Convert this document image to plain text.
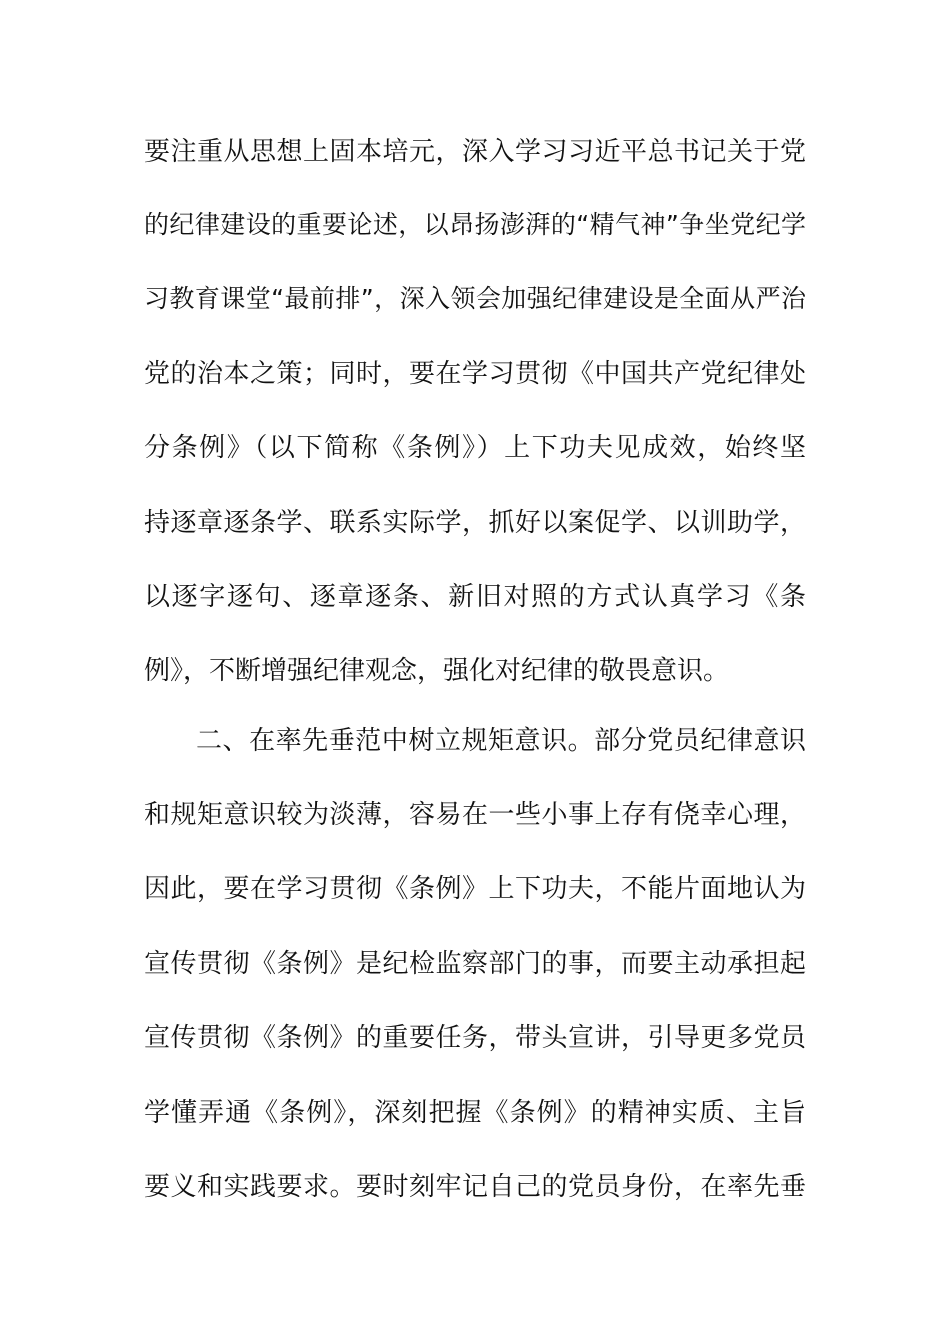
要注重从思想上固本培元，深入学习习近平总书记关于党
的纪律建设的重要论述，以昂扬澎湃的“精气神”争坐党纪学
习教育课堂“最前排”，深入领会加强纪律建设是全面从严治
党的治本之策；同时，要在学习贯彻《中国共产党纪律处
分条例》（以下简称《条例》）上下功夫见成效，始终坚
持逐章逐条学、联系实际学，抓好以案促学、以训助学，
以逐字逐句、逐章逐条、新旧对照的方式认真学习《条
例》，不断增强纪律观念，强化对纪律的敬畏意识。
二、在率先垂范中树立规矩意识。部分党员纪律意识
和规矩意识较为淡薄，容易在一些小事上存有侥幸心理，
因此，要在学习贯彻《条例》上下功夫，不能片面地认为
宣传贯彻《条例》是纪检监察部门的事，而要主动承担起
宣传贯彻《条例》的重要任务，带头宣讲，引导更多党员
学懂弄通《条例》，深刻把握《条例》的精神实质、主旨
要义和实践要求。要时刻牢记自己的党员身份，在率先垂
